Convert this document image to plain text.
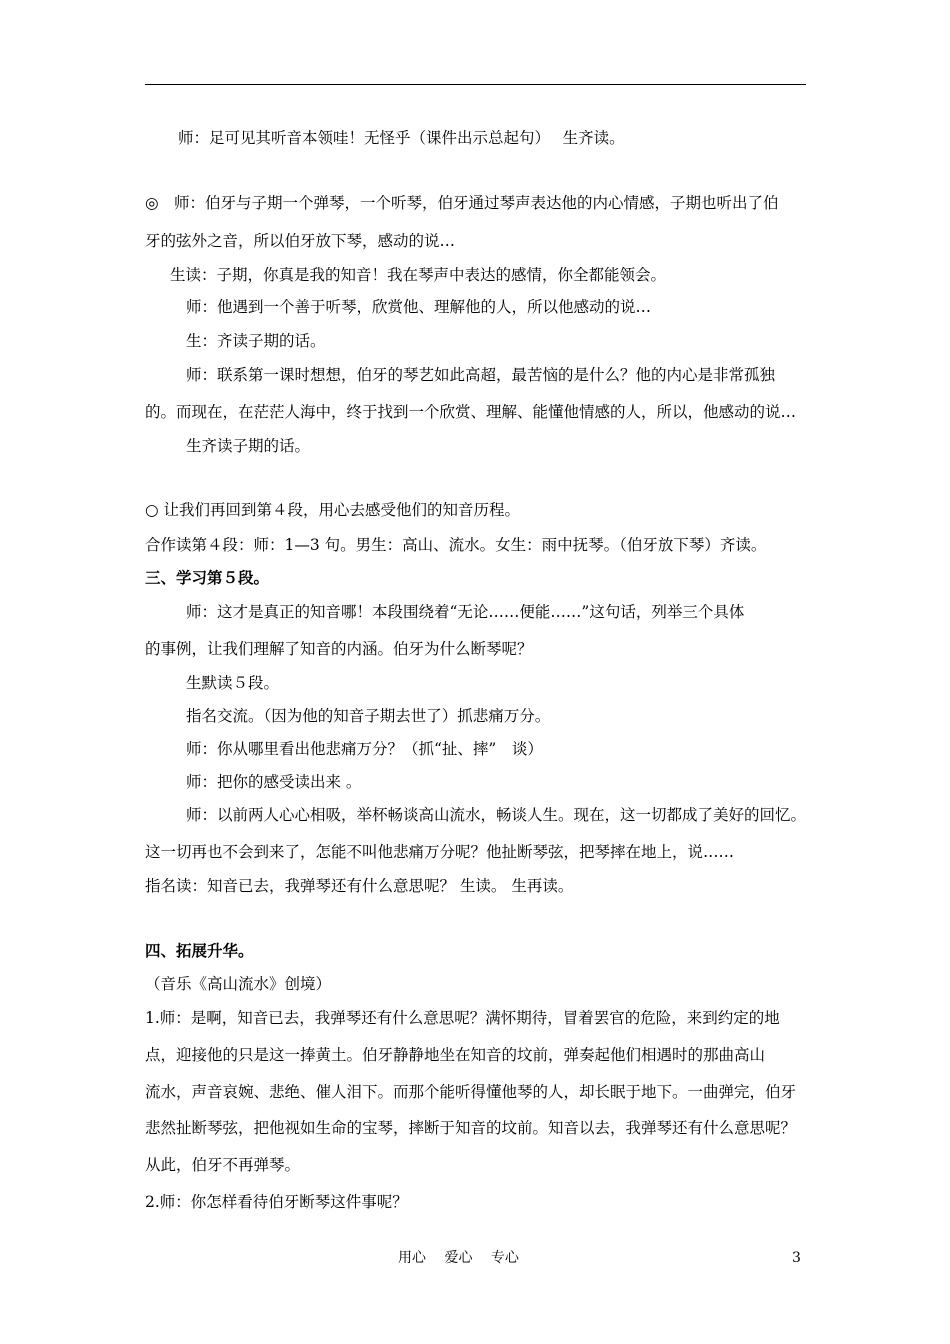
师：足可见其听音本领哇！无怪乎（课件出示总起句）　 生齐读。
◎　师：伯牙与子期一个弹琴，一个听琴，伯牙通过琴声表达他的内心情感，子期也听出了伯
牙的弦外之音，所以伯牙放下琴，感动的说…
生读：子期，你真是我的知音！我在琴声中表达的感情，你全都能领会。
师：他遇到一个善于听琴，欣赏他、理解他的人，所以他感动的说…
生：齐读子期的话。
师：联系第一课时想想，伯牙的琴艺如此高超，最苦恼的是什么？他的内心是非常孤独
的。而现在，在茫茫人海中，终于找到一个欣赏、理解、能懂他情感的人，所以，他感动的说…
生齐读子期的话。
○ 让我们再回到第４段，用心去感受他们的知音历程。
合作读第４段：师：1—3 句。男生：高山、流水。女生：雨中抚琴。（伯牙放下琴）齐读。
三、学习第５段。
师：这才是真正的知音哪！本段围绕着“无论……便能……”这句话，列举三个具体
的事例，让我们理解了知音的内涵。伯牙为什么断琴呢？
生默读５段。
指名交流。（因为他的知音子期去世了）抓悲痛万分。
师：你从哪里看出他悲痛万分？（抓“扯、摔”　谈）
师：把你的感受读出来 。
师：以前两人心心相吸，举杯畅谈高山流水，畅谈人生。现在，这一切都成了美好的回忆。
这一切再也不会到来了，怎能不叫他悲痛万分呢？他扯断琴弦，把琴摔在地上，说……
指名读：知音已去，我弹琴还有什么意思呢？ 生读。 生再读。
四、拓展升华。
（音乐《高山流水》创境）
1.师：是啊，知音已去，我弹琴还有什么意思呢？满怀期待，冒着罢官的危险，来到约定的地
点，迎接他的只是这一捧黄土。伯牙静静地坐在知音的坟前，弹奏起他们相遇时的那曲高山
流水，声音哀婉、悲绝、催人泪下。而那个能听得懂他琴的人，却长眠于地下。一曲弹完，伯牙
悲然扯断琴弦，把他视如生命的宝琴，摔断于知音的坟前。知音以去，我弹琴还有什么意思呢？
从此，伯牙不再弹琴。
2.师：你怎样看待伯牙断琴这件事呢？
用心　 爱心　 专心	3
